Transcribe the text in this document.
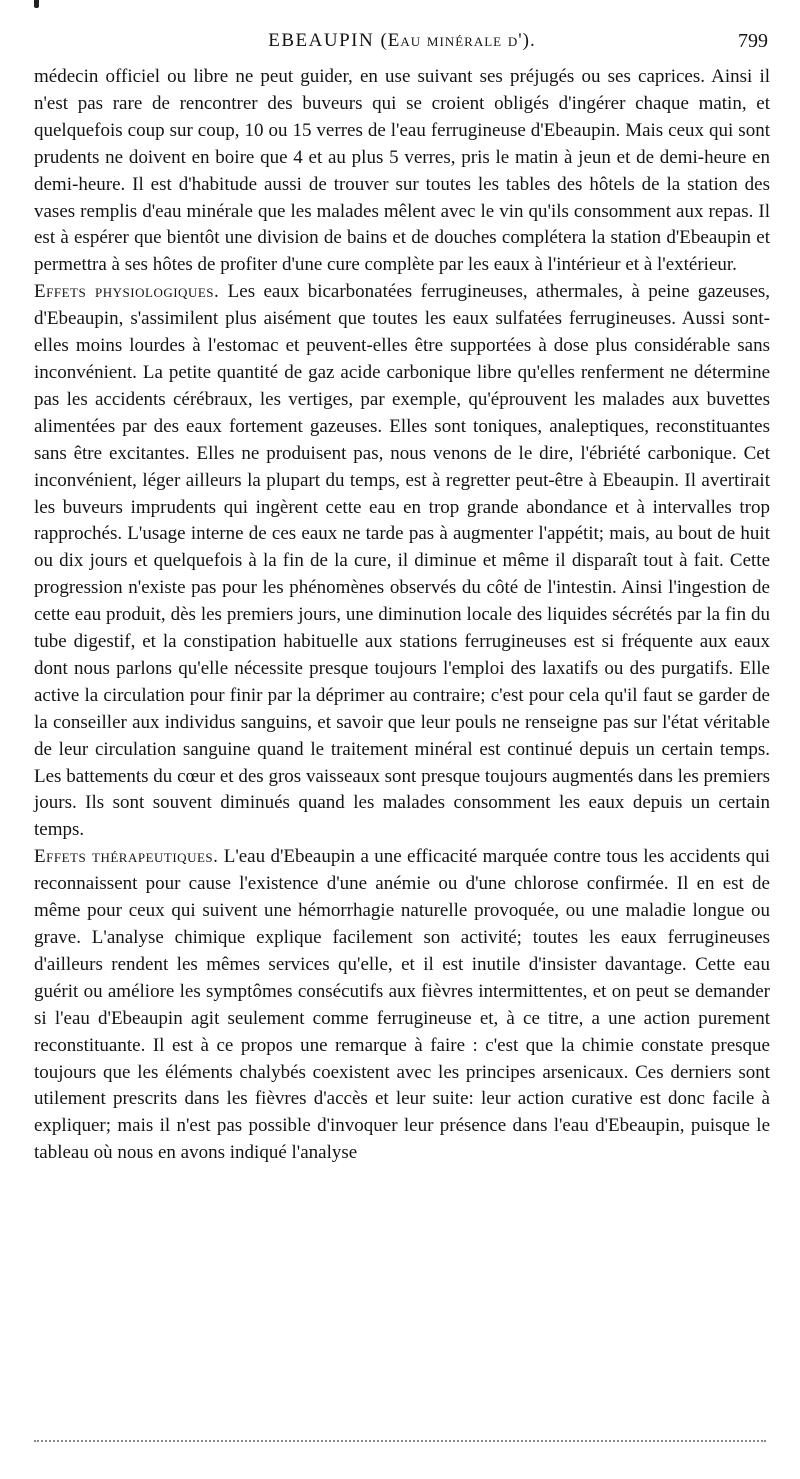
EBEAUPIN (Eau minérale d').	799

médecin officiel ou libre ne peut guider, en use suivant ses préjugés ou ses caprices. Ainsi il n'est pas rare de rencontrer des buveurs qui se croient obligés d'ingérer chaque matin, et quelquefois coup sur coup, 10 ou 15 verres de l'eau ferrugineuse d'Ebeaupin. Mais ceux qui sont prudents ne doivent en boire que 4 et au plus 5 verres, pris le matin à jeun et de demi-heure en demi-heure. Il est d'habitude aussi de trouver sur toutes les tables des hôtels de la station des vases remplis d'eau minérale que les malades mêlent avec le vin qu'ils consomment aux repas. Il est à espérer que bientôt une division de bains et de douches complétera la station d'Ebeaupin et permettra à ses hôtes de profiter d'une cure complète par les eaux à l'intérieur et à l'extérieur.

Effets physiologiques. Les eaux bicarbonatées ferrugineuses, athermales, à peine gazeuses, d'Ebeaupin, s'assimilent plus aisément que toutes les eaux sulfatées ferrugineuses. Aussi sont-elles moins lourdes à l'estomac et peuvent-elles être supportées à dose plus considérable sans inconvénient. La petite quantité de gaz acide carbonique libre qu'elles renferment ne détermine pas les accidents cérébraux, les vertiges, par exemple, qu'éprouvent les malades aux buvettes alimentées par des eaux fortement gazeuses. Elles sont toniques, analeptiques, reconstituantes sans être excitantes. Elles ne produisent pas, nous venons de le dire, l'ébriété carbonique. Cet inconvénient, léger ailleurs la plupart du temps, est à regretter peut-être à Ebeaupin. Il avertirait les buveurs imprudents qui ingèrent cette eau en trop grande abondance et à intervalles trop rapprochés. L'usage interne de ces eaux ne tarde pas à augmenter l'appétit; mais, au bout de huit ou dix jours et quelquefois à la fin de la cure, il diminue et même il disparaît tout à fait. Cette progression n'existe pas pour les phénomènes observés du côté de l'intestin. Ainsi l'ingestion de cette eau produit, dès les premiers jours, une diminution locale des liquides sécrétés par la fin du tube digestif, et la constipation habituelle aux stations ferrugineuses est si fréquente aux eaux dont nous parlons qu'elle nécessite presque toujours l'emploi des laxatifs ou des purgatifs. Elle active la circulation pour finir par la déprimer au contraire; c'est pour cela qu'il faut se garder de la conseiller aux individus sanguins, et savoir que leur pouls ne renseigne pas sur l'état véritable de leur circulation sanguine quand le traitement minéral est continué depuis un certain temps. Les battements du cœur et des gros vaisseaux sont presque toujours augmentés dans les premiers jours. Ils sont souvent diminués quand les malades consomment les eaux depuis un certain temps.

Effets thérapeutiques. L'eau d'Ebeaupin a une efficacité marquée contre tous les accidents qui reconnaissent pour cause l'existence d'une anémie ou d'une chlorose confirmée. Il en est de même pour ceux qui suivent une hémorrhagie naturelle provoquée, ou une maladie longue ou grave. L'analyse chimique explique facilement son activité; toutes les eaux ferrugineuses d'ailleurs rendent les mêmes services qu'elle, et il est inutile d'insister davantage. Cette eau guérit ou améliore les symptômes consécutifs aux fièvres intermittentes, et on peut se demander si l'eau d'Ebeaupin agit seulement comme ferrugineuse et, à ce titre, a une action purement reconstituante. Il est à ce propos une remarque à faire : c'est que la chimie constate presque toujours que les éléments chalybés coexistent avec les principes arsenicaux. Ces derniers sont utilement prescrits dans les fièvres d'accès et leur suite: leur action curative est donc facile à expliquer; mais il n'est pas possible d'invoquer leur présence dans l'eau d'Ebeaupin, puisque le tableau où nous en avons indiqué l'analyse
